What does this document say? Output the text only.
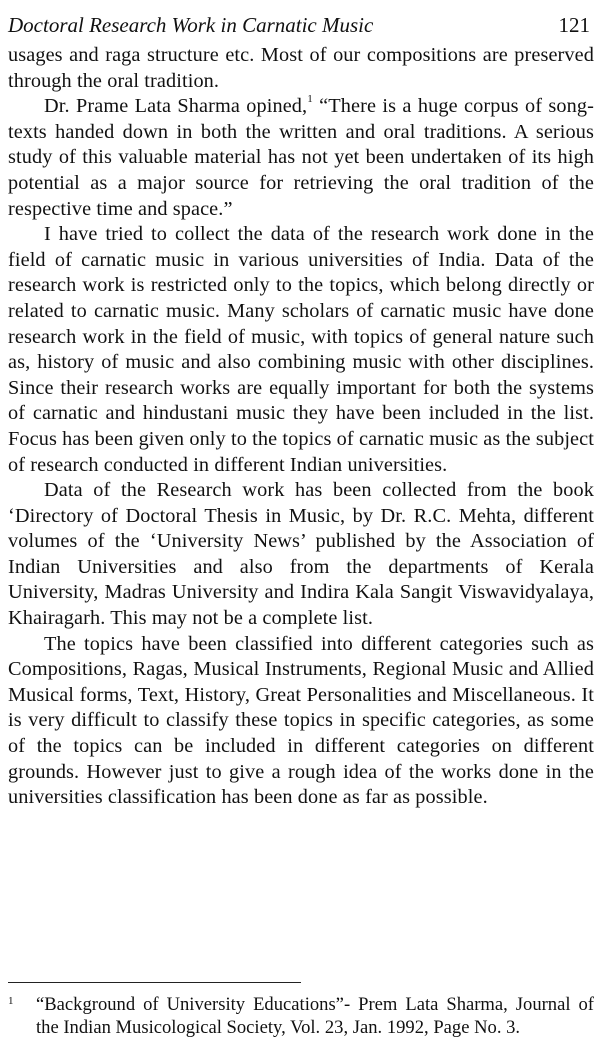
Doctoral Research Work in Carnatic Music	121

usages and raga structure etc. Most of our compositions are preserved through the oral tradition.

Dr. Prame Lata Sharma opined,$^1$ “There is a huge corpus of song- texts handed down in both the written and oral traditions. A serious study of this valuable material has not yet been undertaken of its high potential as a major source for retrieving the oral tradition of the respective time and space.”

I have tried to collect the data of the research work done in the field of carnatic music in various universities of India. Data of the research work is restricted only to the topics, which belong directly or related to carnatic music. Many scholars of carnatic music have done research work in the field of music, with topics of general nature such as, history of music and also combining music with other disciplines. Since their research works are equally important for both the systems of carnatic and hindustani music they have been included in the list. Focus has been given only to the topics of carnatic music as the subject of research conducted in different Indian universities.

Data of the Research work has been collected from the book ‘Directory of Doctoral Thesis in Music, by Dr. R.C. Mehta, different volumes of the ‘University News’ published by the Association of Indian Universities and also from the departments of Kerala University, Madras University and Indira Kala Sangit Viswavidyalaya, Khairagarh. This may not be a complete list.

The topics have been classified into different categories such as Compositions, Ragas, Musical Instruments, Regional Music and Allied Musical forms, Text, History, Great Personalities and Miscellaneous. It is very difficult to classify these topics in specific categories, as some of the topics can be included in different categories on different grounds. However just to give a rough idea of the works done in the universities classification has been done as far as possible.

1	“Background of University Educations”- Prem Lata Sharma, Journal of the Indian Musicological Society, Vol. 23, Jan. 1992, Page No. 3.
